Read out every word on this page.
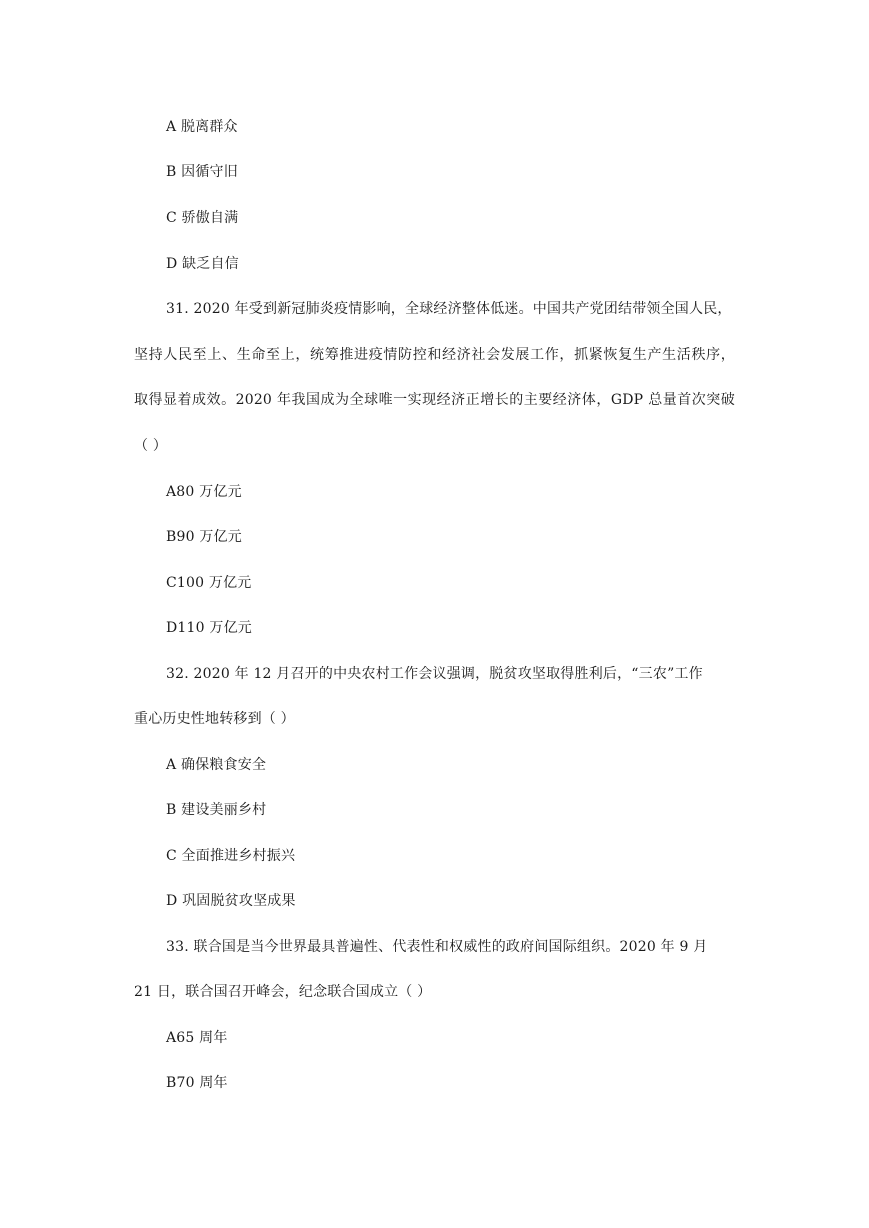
A 脱离群众
B 因循守旧
C 骄傲自满
D 缺乏自信
31. 2020 年受到新冠肺炎疫情影响，全球经济整体低迷。中国共产党团结带领全国人民，
坚持人民至上、生命至上，统筹推进疫情防控和经济社会发展工作，抓紧恢复生产生活秩序，
取得显着成效。2020 年我国成为全球唯一实现经济正增长的主要经济体，GDP 总量首次突破
（ ）
A80 万亿元
B90 万亿元
C100 万亿元
D110 万亿元
32. 2020 年 12 月召开的中央农村工作会议强调，脱贫攻坚取得胜利后，“三农”工作
重心历史性地转移到（ ）
A 确保粮食安全
B 建设美丽乡村
C 全面推进乡村振兴
D 巩固脱贫攻坚成果
33. 联合国是当今世界最具普遍性、代表性和权威性的政府间国际组织。2020 年 9 月
21 日，联合国召开峰会，纪念联合国成立（ ）
A65 周年
B70 周年
